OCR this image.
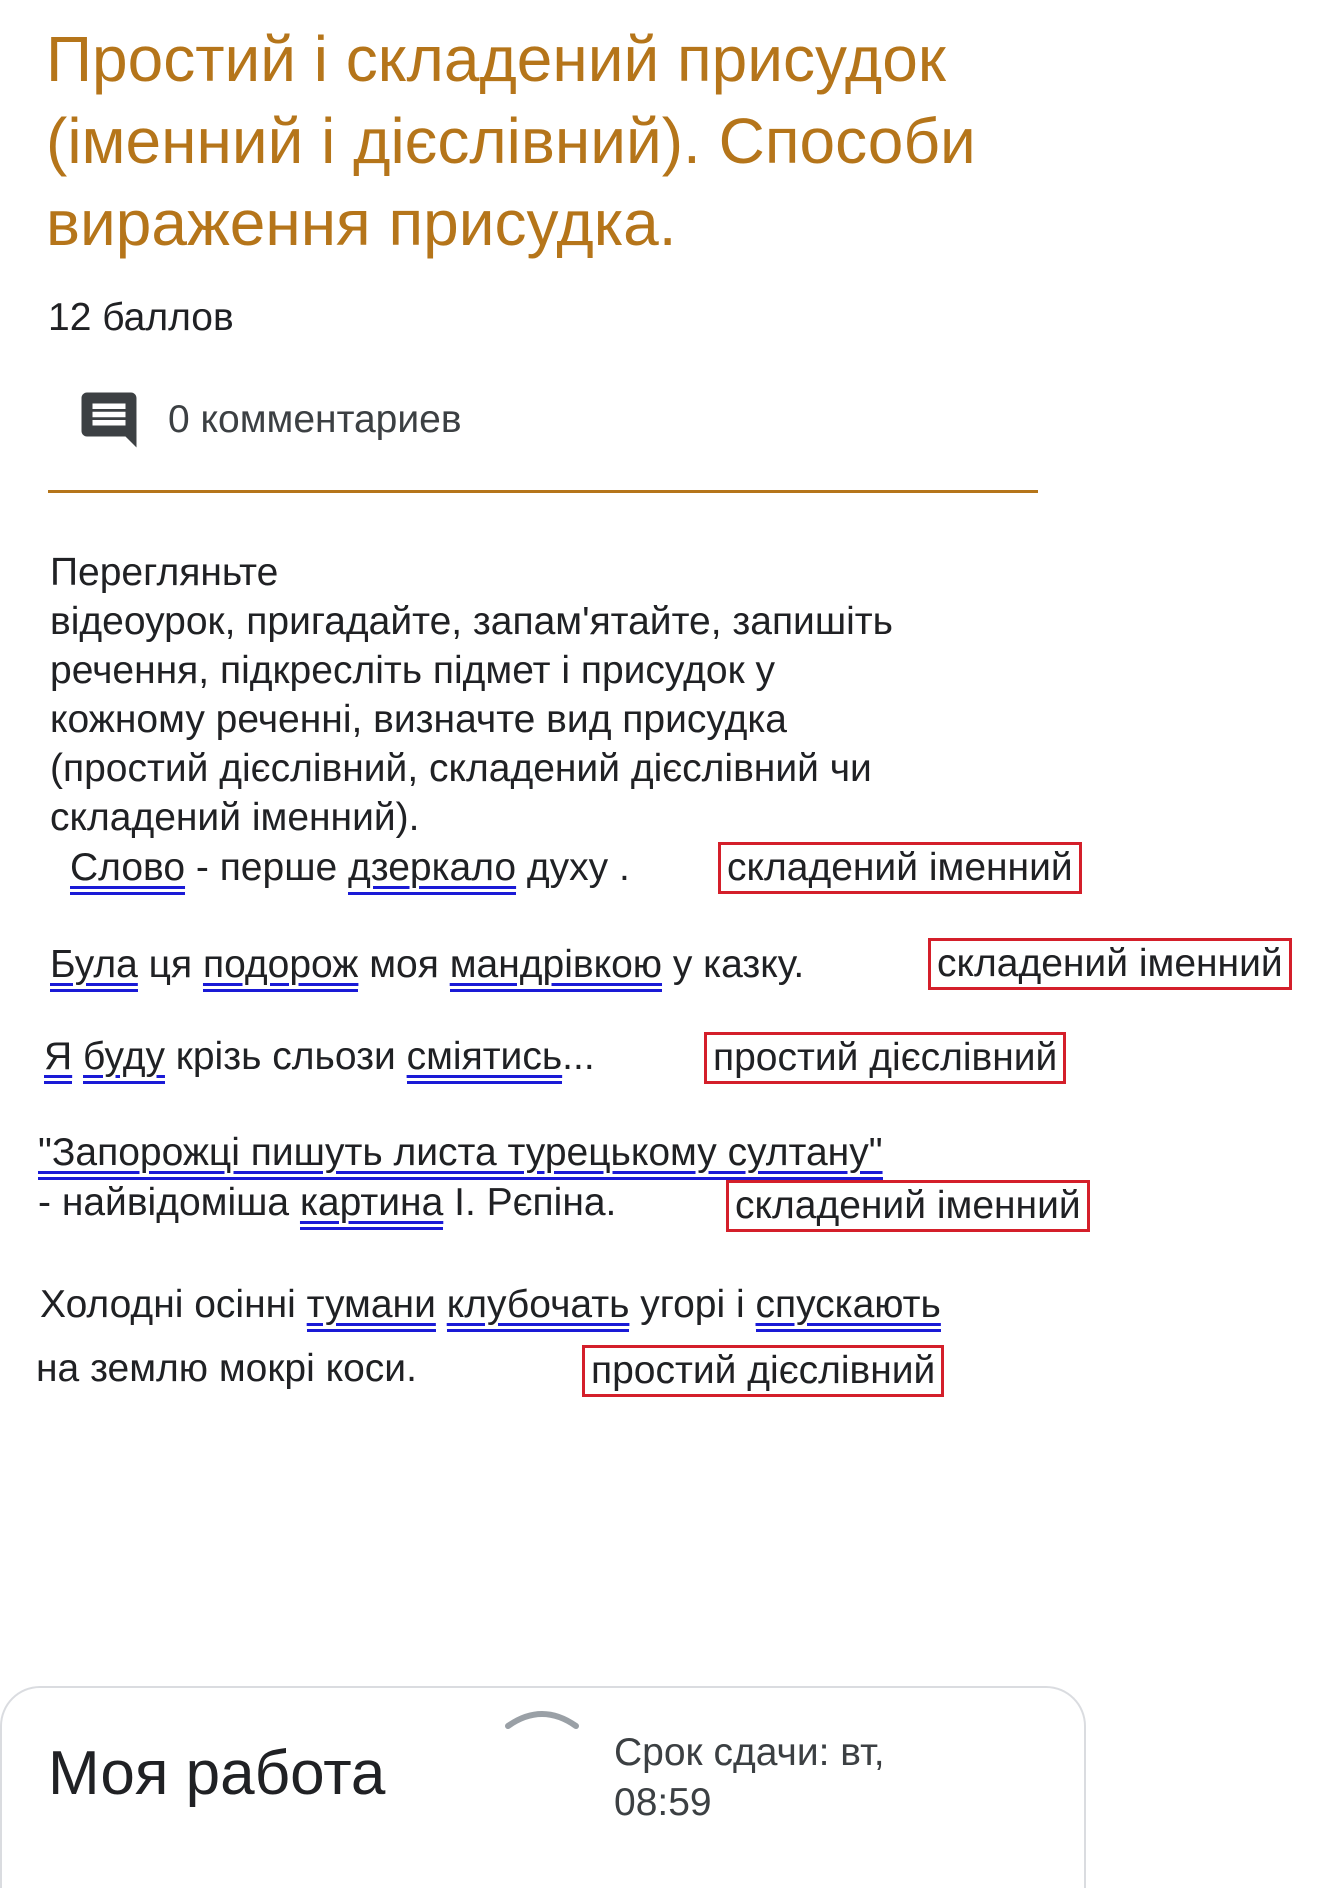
Простий і складений присудок
(іменний і дієслівний). Способи
вираження присудка.
12 баллов
0 комментариев
Перегляньте
відеоурок, пригадайте, запам'ятайте, запишіть
речення, підкресліть підмет і присудок у
кожному реченні, визначте вид присудка
(простий дієслівний, складений дієслівний чи
складений іменний).
Слово - перше дзеркало духу . складений іменний
Була ця подорож моя мандрівкою у казку.	складений іменний
Я буду крізь сльози сміятись...	простий дієслівний
"Запорожці пишуть листа турецькому султану"
- найвідоміша картина І. Рєпіна.	складений іменний
Холодні осінні тумани клубочать угорі і спускають
на землю мокрі коси.	простий дієслівний
Моя работа	Срок сдачи: вт,
08:59
